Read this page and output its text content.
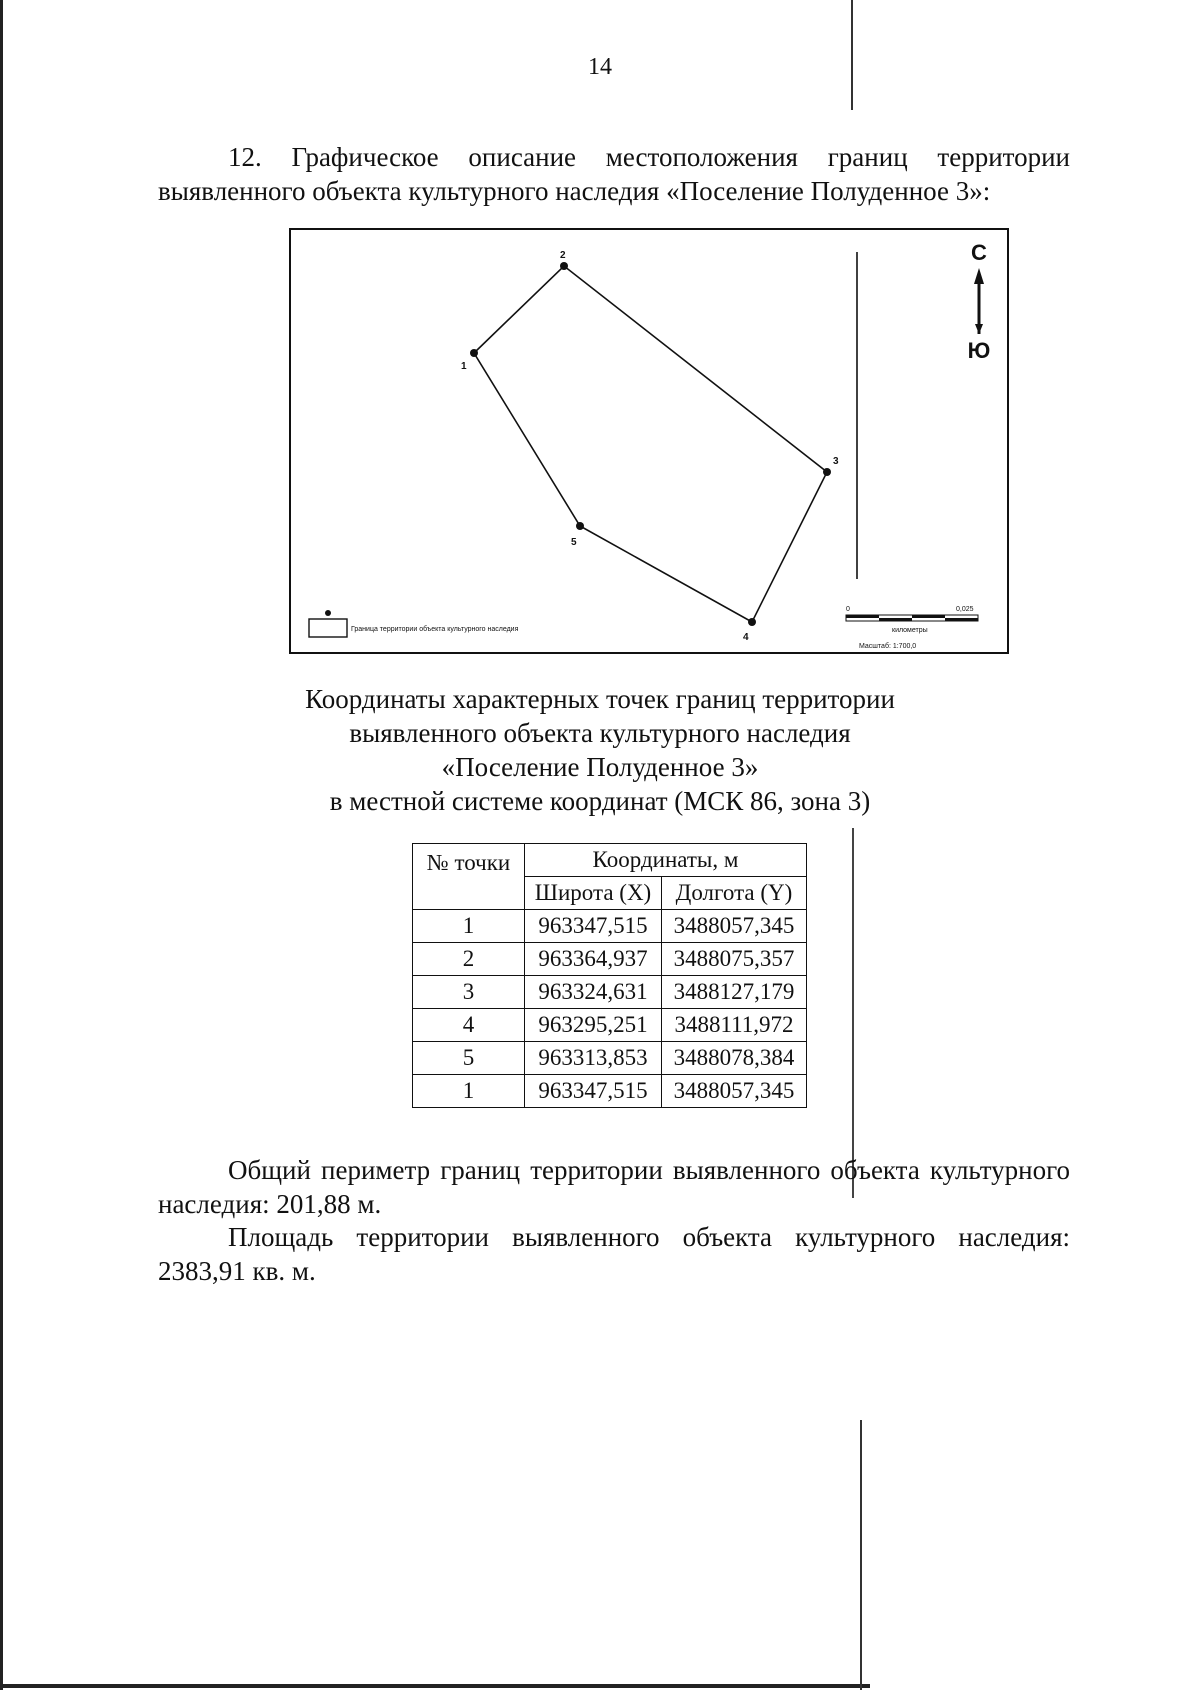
14
12. Графическое описание местоположения границ территории выявленного объекта культурного наследия «Поселение Полуденное 3»:
1
2
3
4
5
С
Ю
Граница территории объекта культурного наследия
0	0,025
километры
Масштаб: 1:700,0
Координаты характерных точек границ территории
выявленного объекта культурного наследия
«Поселение Полуденное 3»
в местной системе координат (МСК 86, зона 3)
№ точки	Координаты, м	
	Широта (X)	Долгота (Y)
1	963347,515	3488057,345
2	963364,937	3488075,357
3	963324,631	3488127,179
4	963295,251	3488111,972
5	963313,853	3488078,384
1	963347,515	3488057,345
Общий периметр границ территории выявленного объекта культурного наследия: 201,88 м.
Площадь территории выявленного объекта культурного наследия: 2383,91 кв. м.
